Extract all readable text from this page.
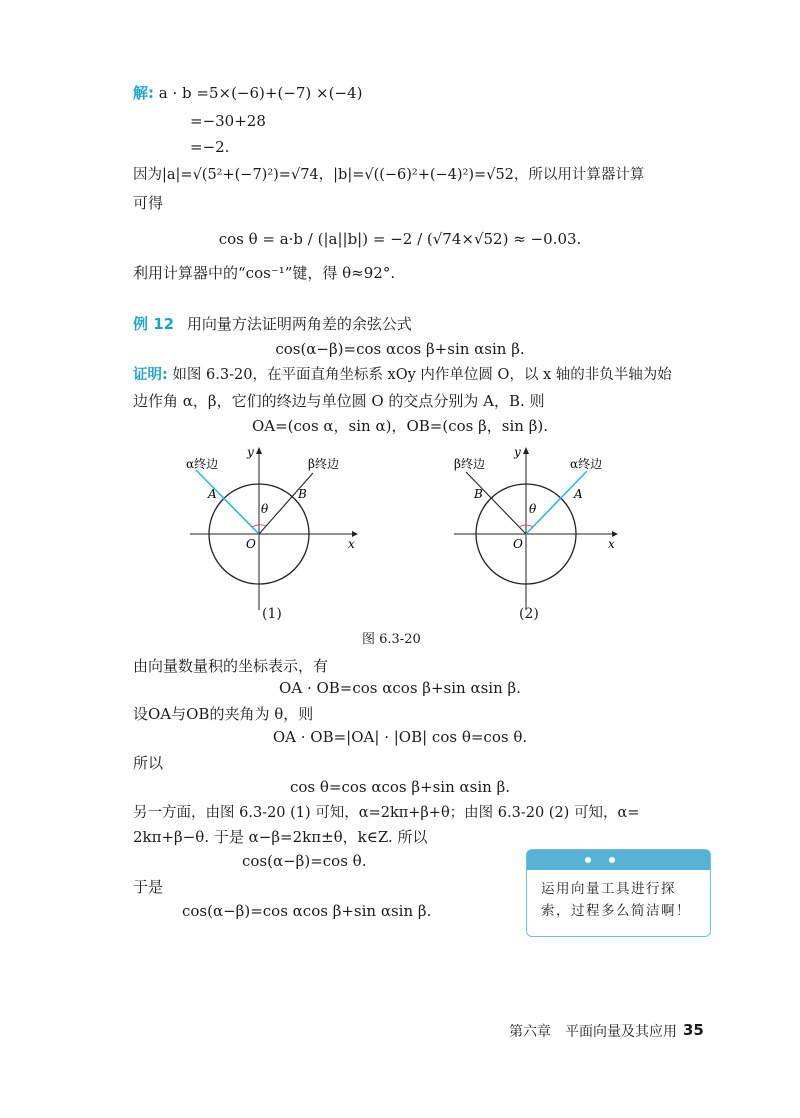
解: a · b =5×(−6)+(−7) ×(−4)
=−30+28
=−2.
因为|a|=√(5²+(−7)²)=√74，|b|=√((−6)²+(−4)²)=√52，所以用计算器计算
可得
cos θ = a·b / (|a||b|) = −2 / (√74×√52) ≈ −0.03.
利用计算器中的“cos⁻¹”键，得 θ≈92°.
例 12 用向量方法证明两角差的余弦公式
cos(α−β)=cos αcos β+sin αsin β.
证明: 如图 6.3-20，在平面直角坐标系 xOy 内作单位圆 O，以 x 轴的非负半轴为始
边作角 α，β，它们的终边与单位圆 O 的交点分别为 A，B. 则
OA=(cos α，sin α)，OB=(cos β，sin β).
α终边	β终边
A	B
θ
O	x
y
β终边	α终边
B	A
θ
O	x
y
(1)	(2)
图 6.3-20
由向量数量积的坐标表示，有
OA · OB=cos αcos β+sin αsin β.
设OA与OB的夹角为 θ，则
OA · OB=|OA| · |OB| cos θ=cos θ.
所以
cos θ=cos αcos β+sin αsin β.
另一方面，由图 6.3-20 (1) 可知，α=2kπ+β+θ；由图 6.3-20 (2) 可知，α=
2kπ+β−θ. 于是 α−β=2kπ±θ，k∈Z. 所以
cos(α−β)=cos θ.
于是
cos(α−β)=cos αcos β+sin αsin β.
运用向量工具进行探索，过程多么简洁啊！
第六章　平面向量及其应用 35
